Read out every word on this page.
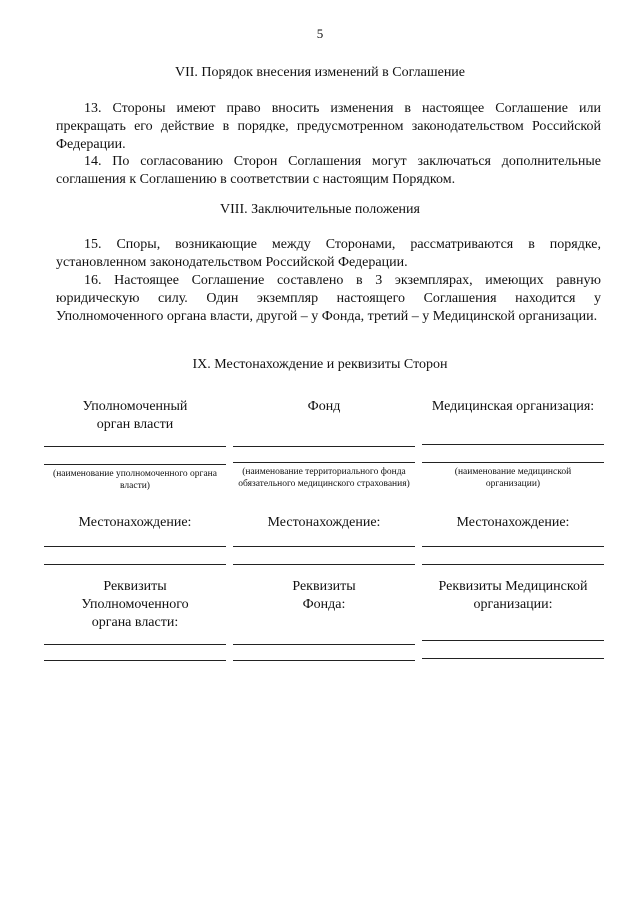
5
VII. Порядок внесения изменений в Соглашение

13. Стороны имеют право вносить изменения в настоящее Соглашение или прекращать его действие в порядке, предусмотренном законодательством Российской Федерации.

14. По согласованию Сторон Соглашения могут заключаться дополнительные соглашения к Соглашению в соответствии с настоящим Порядком.

VIII. Заключительные положения

15. Споры, возникающие между Сторонами, рассматриваются в порядке, установленном законодательством Российской Федерации.

16. Настоящее Соглашение составлено в 3 экземплярах, имеющих равную юридическую силу. Один экземпляр настоящего Соглашения находится у Уполномоченного органа власти, другой – у Фонда, третий – у Медицинской организации.

IX. Местонахождение и реквизиты Сторон
Уполномоченный орган власти
(наименование уполномоченного органа власти)
Местонахождение:
Реквизиты Уполномоченного органа власти:
Фонд
(наименование территориального фонда обязательного медицинского страхования)
Местонахождение:
Реквизиты Фонда:
Медицинская организация:
(наименование медицинской организации)
Местонахождение:
Реквизиты Медицинской организации:
